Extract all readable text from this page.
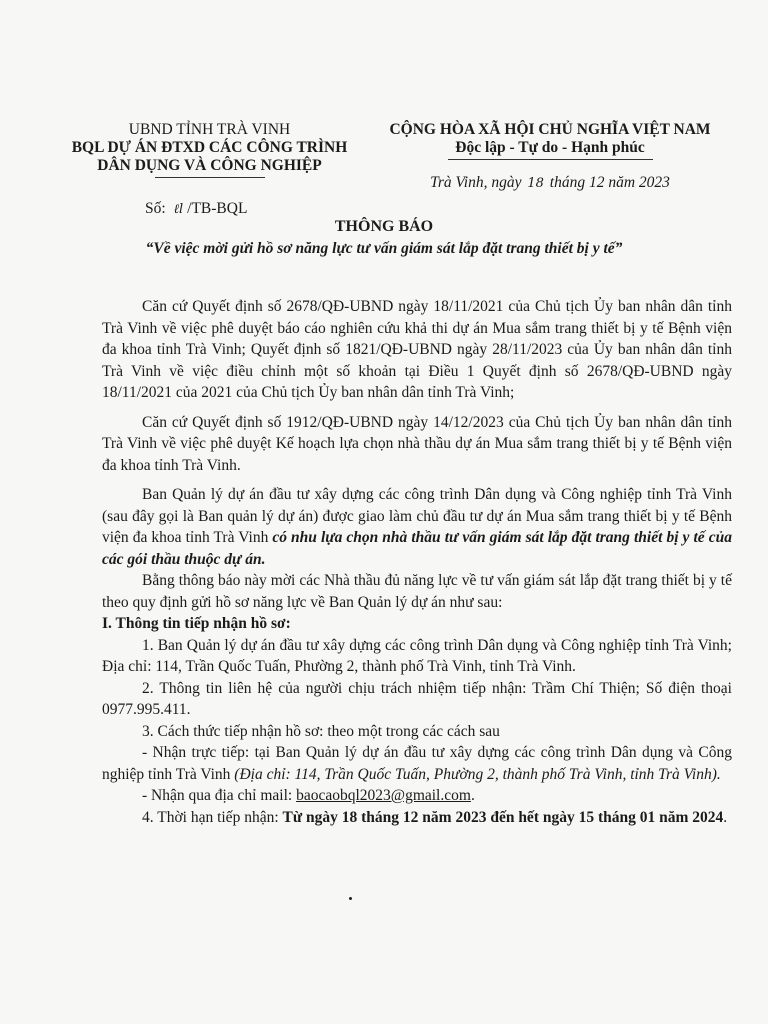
UBND TỈNH TRÀ VINH
BQL DỰ ÁN ĐTXD CÁC CÔNG TRÌNH
DÂN DỤNG VÀ CÔNG NGHIỆP
CỘNG HÒA XÃ HỘI CHỦ NGHĨA VIỆT NAM
Độc lập - Tự do - Hạnh phúc
Số: ℓl /TB-BQL
Trà Vinh, ngày 18 tháng 12 năm 2023
THÔNG BÁO
“Về việc mời gửi hồ sơ năng lực tư vấn giám sát lắp đặt trang thiết bị y tế”

Căn cứ Quyết định số 2678/QĐ-UBND ngày 18/11/2021 của Chủ tịch Ủy ban nhân dân tỉnh Trà Vinh về việc phê duyệt báo cáo nghiên cứu khả thi dự án Mua sắm trang thiết bị y tế Bệnh viện đa khoa tỉnh Trà Vinh; Quyết định số 1821/QĐ-UBND ngày 28/11/2023 của Ủy ban nhân dân tỉnh Trà Vinh về việc điều chỉnh một số khoản tại Điều 1 Quyết định số 2678/QĐ-UBND ngày 18/11/2021 của 2021 của Chủ tịch Ủy ban nhân dân tỉnh Trà Vinh;

Căn cứ Quyết định số 1912/QĐ-UBND ngày 14/12/2023 của Chủ tịch Ủy ban nhân dân tỉnh Trà Vinh về việc phê duyệt Kế hoạch lựa chọn nhà thầu dự án Mua sắm trang thiết bị y tế Bệnh viện đa khoa tỉnh Trà Vinh.

Ban Quản lý dự án đầu tư xây dựng các công trình Dân dụng và Công nghiệp tỉnh Trà Vinh (sau đây gọi là Ban quản lý dự án) được giao làm chủ đầu tư dự án Mua sắm trang thiết bị y tế Bệnh viện đa khoa tỉnh Trà Vinh có nhu lựa chọn nhà thầu tư vấn giám sát lắp đặt trang thiết bị y tế của các gói thầu thuộc dự án.

Bằng thông báo này mời các Nhà thầu đủ năng lực về tư vấn giám sát lắp đặt trang thiết bị y tế theo quy định gửi hồ sơ năng lực về Ban Quản lý dự án như sau:

I. Thông tin tiếp nhận hồ sơ:

1. Ban Quản lý dự án đầu tư xây dựng các công trình Dân dụng và Công nghiệp tỉnh Trà Vinh; Địa chỉ: 114, Trần Quốc Tuấn, Phường 2, thành phố Trà Vinh, tỉnh Trà Vinh.

2. Thông tin liên hệ của người chịu trách nhiệm tiếp nhận: Trầm Chí Thiện; Số điện thoại 0977.995.411.

3. Cách thức tiếp nhận hồ sơ: theo một trong các cách sau

- Nhận trực tiếp: tại Ban Quản lý dự án đầu tư xây dựng các công trình Dân dụng và Công nghiệp tỉnh Trà Vinh (Địa chỉ: 114, Trần Quốc Tuấn, Phường 2, thành phố Trà Vinh, tỉnh Trà Vinh).

- Nhận qua địa chỉ mail: baocaobql2023@gmail.com.

4. Thời hạn tiếp nhận: Từ ngày 18 tháng 12 năm 2023 đến hết ngày 15 tháng 01 năm 2024.
